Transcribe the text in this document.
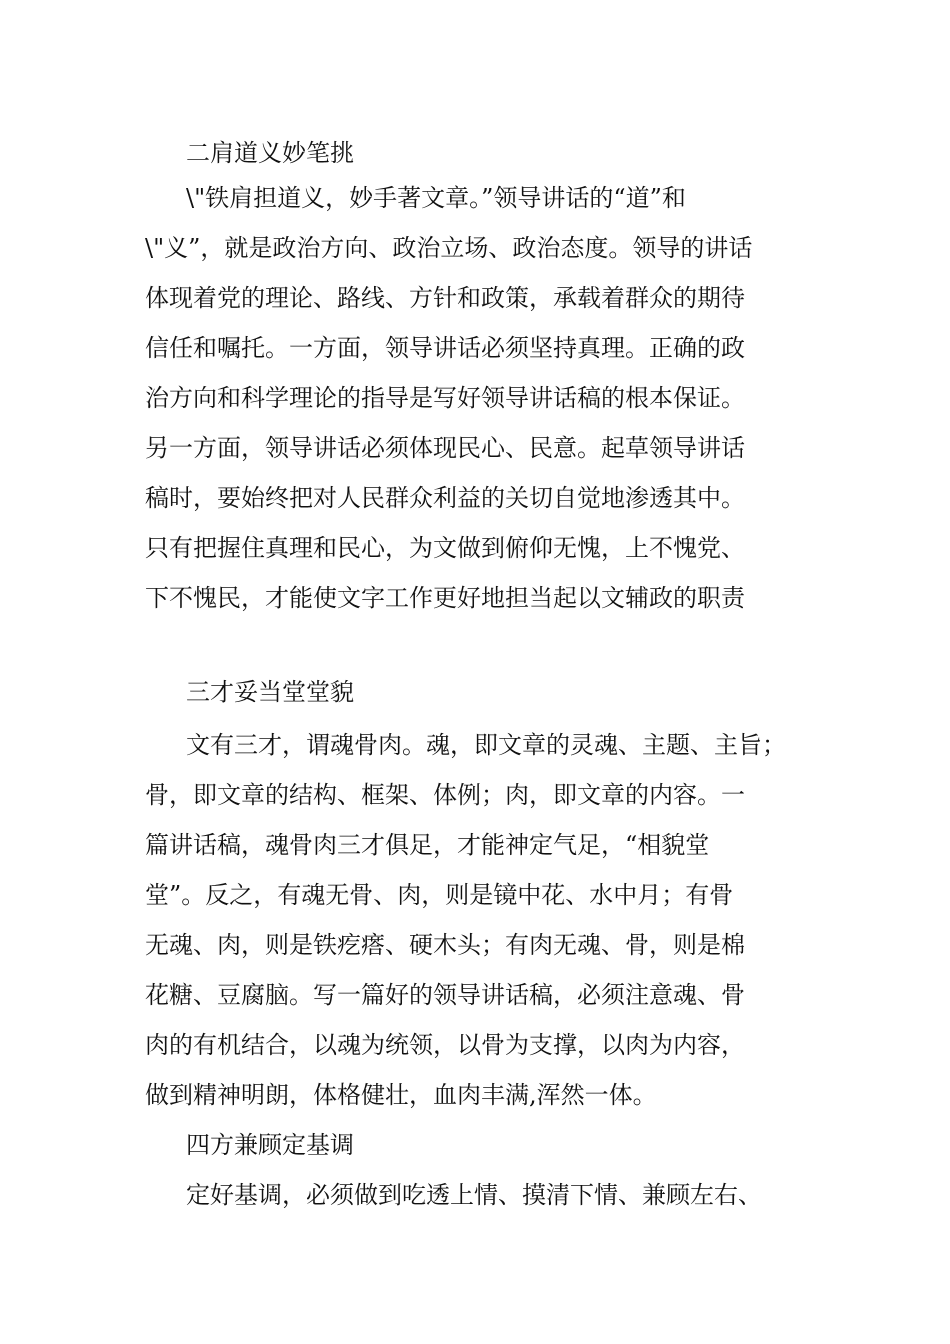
二肩道义妙笔挑
\"铁肩担道义，妙手著文章。”领导讲话的“道”和
\"义”，就是政治方向、政治立场、政治态度。领导的讲话
体现着党的理论、路线、方针和政策，承载着群众的期待
信任和嘱托。一方面，领导讲话必须坚持真理。正确的政
治方向和科学理论的指导是写好领导讲话稿的根本保证。
另一方面，领导讲话必须体现民心、民意。起草领导讲话
稿时，要始终把对人民群众利益的关切自觉地渗透其中。
只有把握住真理和民心，为文做到俯仰无愧，上不愧党、
下不愧民，才能使文字工作更好地担当起以文辅政的职责
三才妥当堂堂貌
文有三才，谓魂骨肉。魂，即文章的灵魂、主题、主旨；
骨，即文章的结构、框架、体例；肉，即文章的内容。一
篇讲话稿，魂骨肉三才俱足，才能神定气足，“相貌堂
堂”。反之，有魂无骨、肉，则是镜中花、水中月；有骨
无魂、肉，则是铁疙瘩、硬木头；有肉无魂、骨，则是棉
花糖、豆腐脑。写一篇好的领导讲话稿，必须注意魂、骨
肉的有机结合，以魂为统领，以骨为支撑，以肉为内容，
做到精神明朗，体格健壮，血肉丰满,浑然一体。
四方兼顾定基调
定好基调，必须做到吃透上情、摸清下情、兼顾左右、
